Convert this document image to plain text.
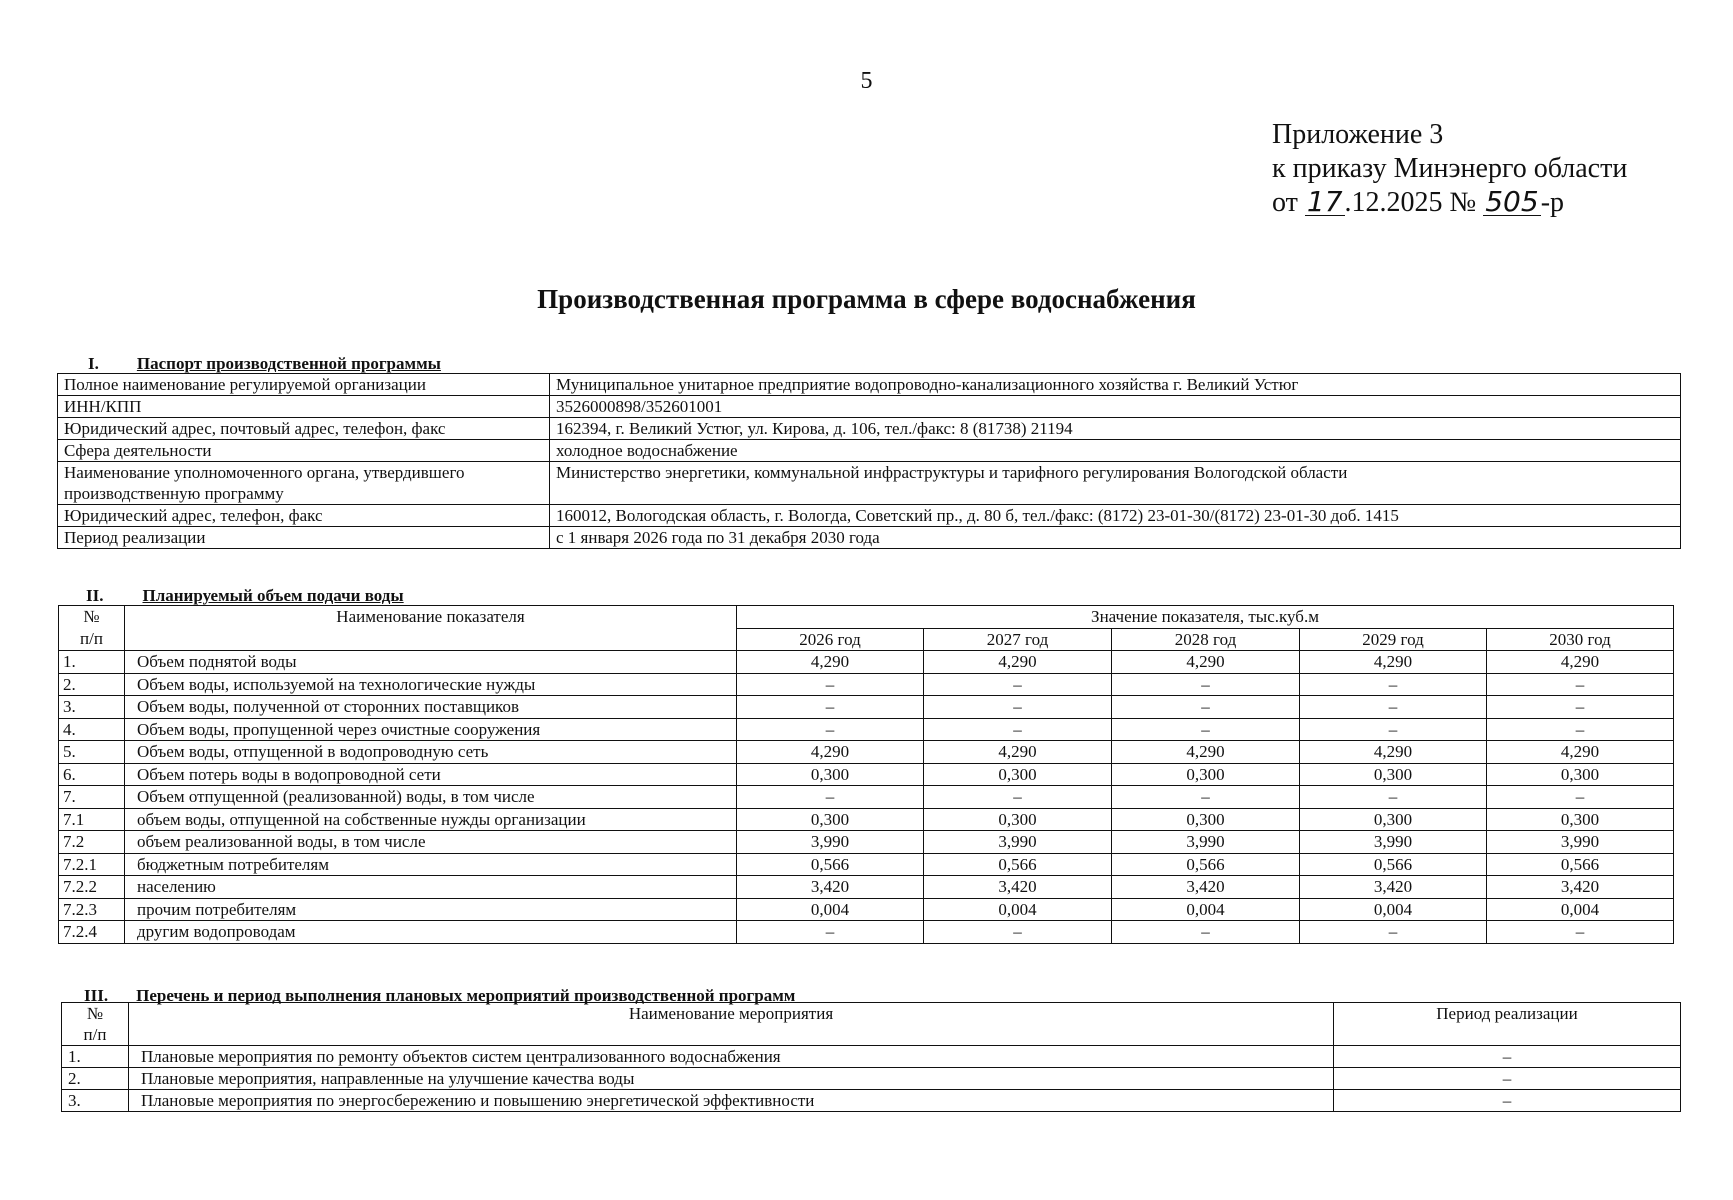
5
Приложение 3
к приказу Минэнерго области
от 17.12.2025 № 505-р
Производственная программа в сфере водоснабжения
I. Паспорт производственной программы
Полное наименование регулируемой организации	Муниципальное унитарное предприятие водопроводно-канализационного хозяйства г. Великий Устюг
ИНН/КПП	3526000898/352601001
Юридический адрес, почтовый адрес, телефон, факс	162394, г. Великий Устюг, ул. Кирова, д. 106, тел./факс: 8 (81738) 21194
Сфера деятельности	холодное водоснабжение
Наименование уполномоченного органа, утвердившего производственную программу	Министерство энергетики, коммунальной инфраструктуры и тарифного регулирования Вологодской области
Юридический адрес, телефон, факс	160012, Вологодская область, г. Вологда, Советский пр., д. 80 б, тел./факс: (8172) 23-01-30/(8172) 23-01-30 доб. 1415
Период реализации	с 1 января 2026 года по 31 декабря 2030 года
II. Планируемый объем подачи воды
№
п/п	Наименование показателя	Значение показателя, тыс.куб.м				
		2026 год	2027 год	2028 год	2029 год	2030 год
1.	Объем поднятой воды	4,290	4,290	4,290	4,290	4,290
2.	Объем воды, используемой на технологические нужды	–	–	–	–	–
3.	Объем воды, полученной от сторонних поставщиков	–	–	–	–	–
4.	Объем воды, пропущенной через очистные сооружения	–	–	–	–	–
5.	Объем воды, отпущенной в водопроводную сеть	4,290	4,290	4,290	4,290	4,290
6.	Объем потерь воды в водопроводной сети	0,300	0,300	0,300	0,300	0,300
7.	Объем отпущенной (реализованной) воды, в том числе	–	–	–	–	–
7.1	объем воды, отпущенной на собственные нужды организации	0,300	0,300	0,300	0,300	0,300
7.2	объем реализованной воды, в том числе	3,990	3,990	3,990	3,990	3,990
7.2.1	бюджетным потребителям	0,566	0,566	0,566	0,566	0,566
7.2.2	населению	3,420	3,420	3,420	3,420	3,420
7.2.3	прочим потребителям	0,004	0,004	0,004	0,004	0,004
7.2.4	другим водопроводам	–	–	–	–	–
III. Перечень и период выполнения плановых мероприятий производственной программ
№
п/п	Наименование мероприятия	Период реализации
1.	Плановые мероприятия по ремонту объектов систем централизованного водоснабжения	–
2.	Плановые мероприятия, направленные на улучшение качества воды	–
3.	Плановые мероприятия по энергосбережению и повышению энергетической эффективности	–
